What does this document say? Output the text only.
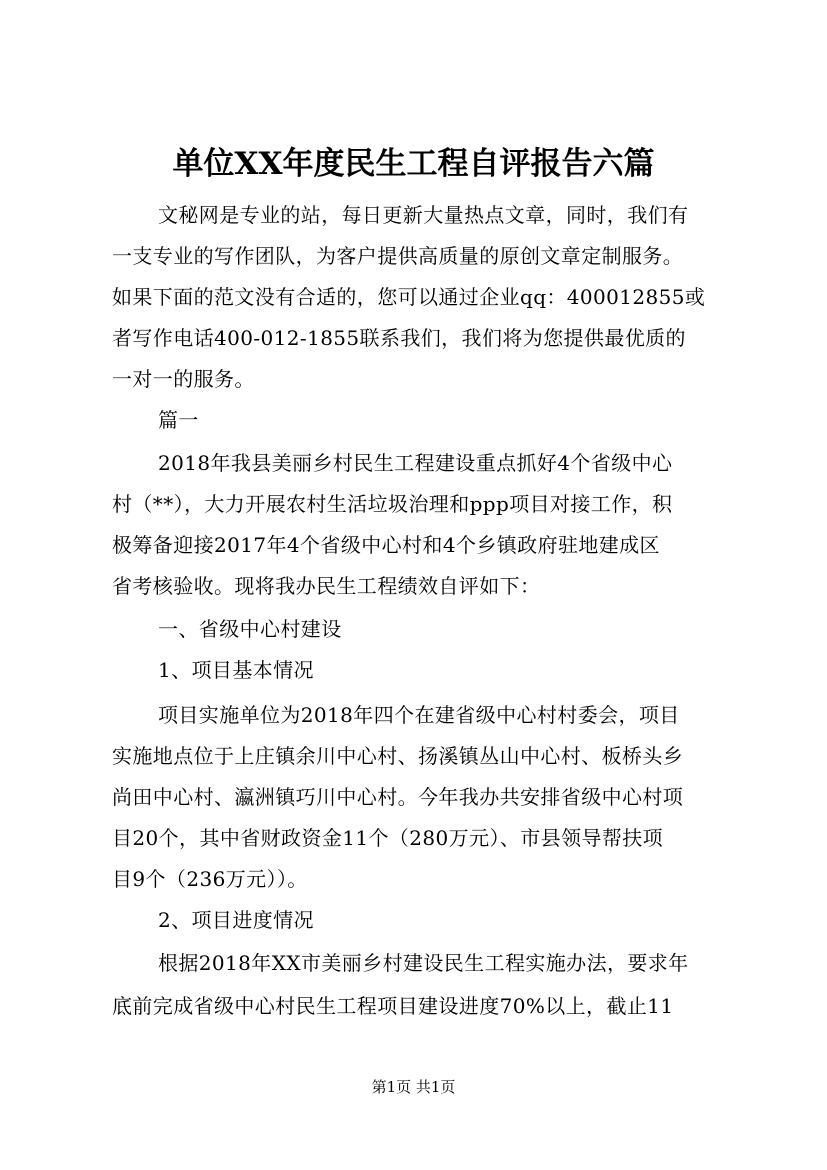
单位XX年度民生工程自评报告六篇
文秘网是专业的站，每日更新大量热点文章，同时，我们有
一支专业的写作团队，为客户提供高质量的原创文章定制服务。
如果下面的范文没有合适的，您可以通过企业qq：400012855或
者写作电话400-012-1855联系我们，我们将为您提供最优质的
一对一的服务。
篇一
2018年我县美丽乡村民生工程建设重点抓好4个省级中心
村（**），大力开展农村生活垃圾治理和ppp项目对接工作，积
极筹备迎接2017年4个省级中心村和4个乡镇政府驻地建成区
省考核验收。现将我办民生工程绩效自评如下：
一、省级中心村建设
1、项目基本情况
项目实施单位为2018年四个在建省级中心村村委会，项目
实施地点位于上庄镇余川中心村、扬溪镇丛山中心村、板桥头乡
尚田中心村、瀛洲镇巧川中心村。今年我办共安排省级中心村项
目20个，其中省财政资金11个（280万元）、市县领导帮扶项
目9个（236万元））。
2、项目进度情况
根据2018年XX市美丽乡村建设民生工程实施办法，要求年
底前完成省级中心村民生工程项目建设进度70%以上，截止11
第1页 共1页
